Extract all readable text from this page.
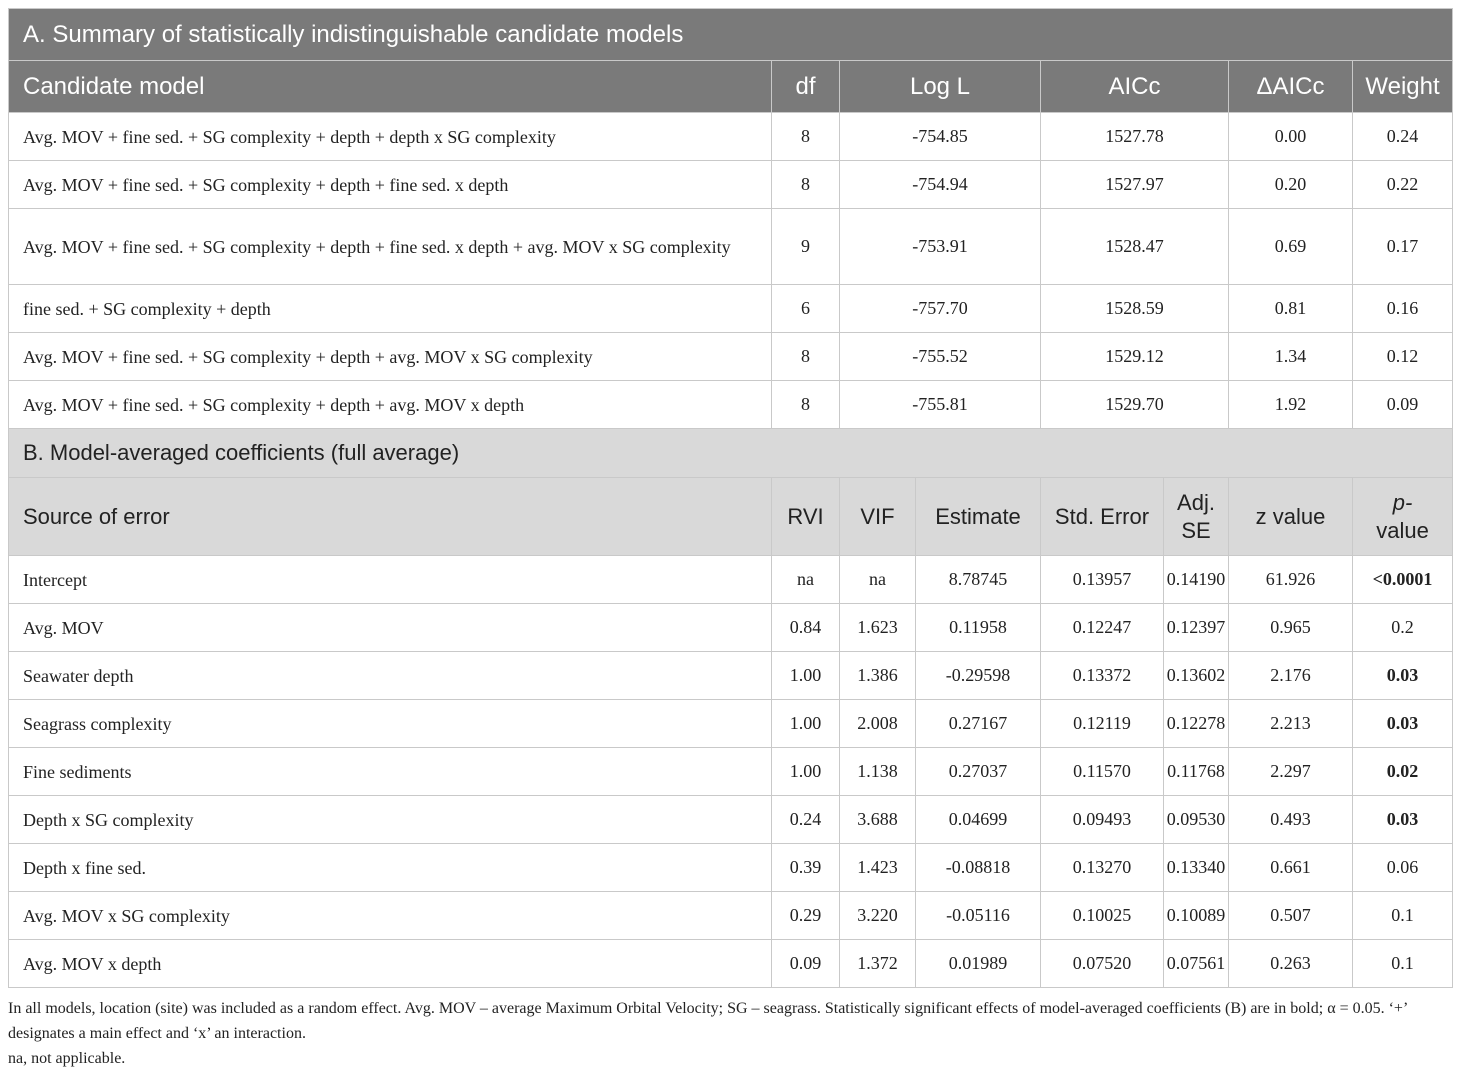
A. Summary of statistically indistinguishable candidate models							
Candidate model	df	Log L		AICc		ΔAICc	Weight
Avg. MOV + fine sed. + SG complexity + depth + depth x SG complexity	8	-754.85		1527.78		0.00	0.24
Avg. MOV + fine sed. + SG complexity + depth + fine sed. x depth	8	-754.94		1527.97		0.20	0.22
Avg. MOV + fine sed. + SG complexity + depth + fine sed. x depth + avg. MOV x SG complexity	9	-753.91		1528.47		0.69	0.17
fine sed. + SG complexity + depth	6	-757.70		1528.59		0.81	0.16
Avg. MOV + fine sed. + SG complexity + depth + avg. MOV x SG complexity	8	-755.52		1529.12		1.34	0.12
Avg. MOV + fine sed. + SG complexity + depth + avg. MOV x depth	8	-755.81		1529.70		1.92	0.09
B. Model-averaged coefficients (full average)							
Source of error	RVI	VIF	Estimate	Std. Error	Adj. SE	z value	p-
value
Intercept	na	na	8.78745	0.13957	0.14190	61.926	<0.0001
Avg. MOV	0.84	1.623	0.11958	0.12247	0.12397	0.965	0.2
Seawater depth	1.00	1.386	-0.29598	0.13372	0.13602	2.176	0.03
Seagrass complexity	1.00	2.008	0.27167	0.12119	0.12278	2.213	0.03
Fine sediments	1.00	1.138	0.27037	0.11570	0.11768	2.297	0.02
Depth x SG complexity	0.24	3.688	0.04699	0.09493	0.09530	0.493	0.03
Depth x fine sed.	0.39	1.423	-0.08818	0.13270	0.13340	0.661	0.06
Avg. MOV x SG complexity	0.29	3.220	-0.05116	0.10025	0.10089	0.507	0.1
Avg. MOV x depth	0.09	1.372	0.01989	0.07520	0.07561	0.263	0.1

In all models, location (site) was included as a random effect. Avg. MOV – average Maximum Orbital Velocity; SG – seagrass. Statistically significant effects of model-averaged coefficients (B) are in bold; α = 0.05. ‘+’ designates a main effect and ‘x’ an interaction.

na, not applicable.
